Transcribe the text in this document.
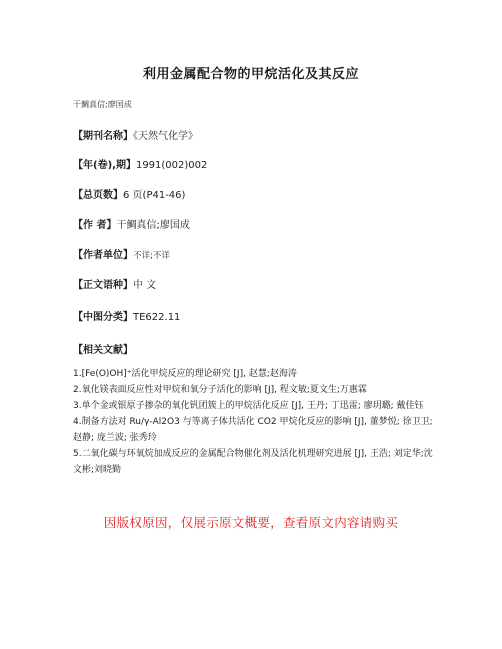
利用金属配合物的甲烷活化及其反应
干鯛真信;廖国成
【期刊名称】《天然气化学》
【年(卷),期】1991(002)002
【总页数】6 页(P41-46)
【作 者】干鯛真信;廖国成
【作者单位】不详;不详
【正文语种】中 文
【中图分类】TE622.11
【相关文献】

1.[Fe(O)OH]⁺活化甲烷反应的理论研究 [J], 赵慧;赵海涛

2.氧化镁表面反应性对甲烷和氧分子活化的影响 [J], 程文敏;夏文生;万惠霖

3.单个金或银原子掺杂的氧化钒团簇上的甲烷活化反应 [J], 王丹; 丁迅雷; 廖玥璐; 戴佳钰

4.制备方法对 Ru/γ-Al2O3 与等离子体共活化 CO2 甲烷化反应的影响 [J], 董梦悦; 徐卫卫; 赵静; 庞兰波; 张秀玲

5.二氧化碳与环氧烷加成反应的金属配合物催化剂及活化机理研究进展 [J], 王浩; 刘定华;沈文彬;刘晓勤

因版权原因，仅展示原文概要，查看原文内容请购买
